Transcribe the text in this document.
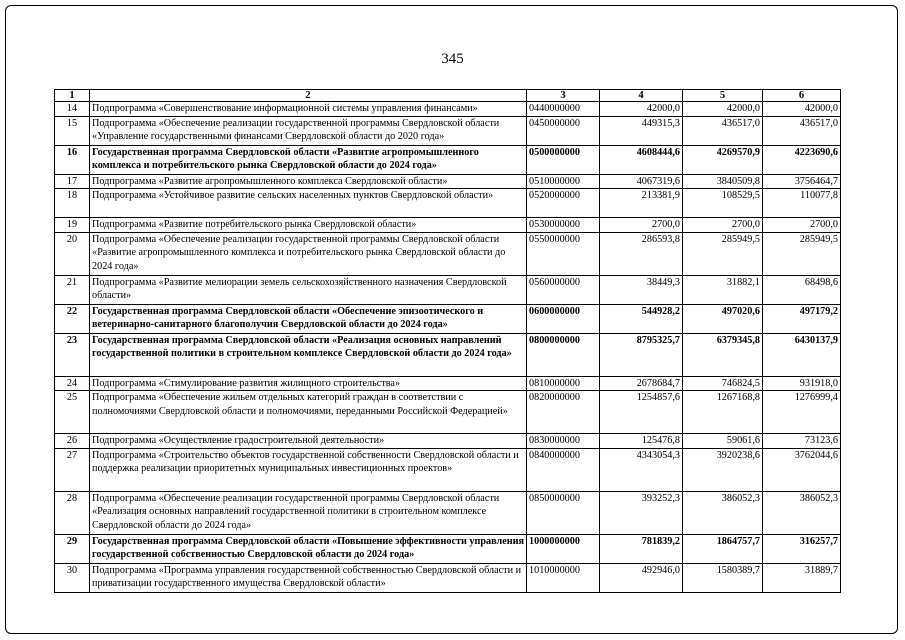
345
1	2	3	4	5	6
14	Подпрограмма «Совершенствование информационной системы управления финансами»	0440000000	42000,0	42000,0	42000,0
15	Подпрограмма «Обеспечение реализации государственной программы Свердловской области «Управление государственными финансами Свердловской области до 2020 года»	0450000000	449315,3	436517,0	436517,0
16	Государственная программа Свердловской области «Развитие агропромышленного комплекса и потребительского рынка Свердловской области до 2024 года»	0500000000	4608444,6	4269570,9	4223690,6
17	Подпрограмма «Развитие агропромышленного комплекса Свердловской области»	0510000000	4067319,6	3840509,8	3756464,7
18	Подпрограмма «Устойчивое развитие сельских населенных пунктов Свердловской области»	0520000000	213381,9	108529,5	110077,8
19	Подпрограмма «Развитие потребительского рынка Свердловской области»	0530000000	2700,0	2700,0	2700,0
20	Подпрограмма «Обеспечение реализации государственной программы Свердловской области «Развитие агропромышленного комплекса и потребительского рынка Свердловской области до 2024 года»	0550000000	286593,8	285949,5	285949,5
21	Подпрограмма «Развитие мелиорации земель сельскохозяйственного назначения Свердловской области»	0560000000	38449,3	31882,1	68498,6
22	Государственная программа Свердловской области «Обеспечение эпизоотического и ветеринарно-санитарного благополучия Свердловской области до 2024 года»	0600000000	544928,2	497020,6	497179,2
23	Государственная программа Свердловской области «Реализация основных направлений государственной политики в строительном комплексе Свердловской области до 2024 года»	0800000000	8795325,7	6379345,8	6430137,9
24	Подпрограмма «Стимулирование развития жилищного строительства»	0810000000	2678684,7	746824,5	931918,0
25	Подпрограмма «Обеспечение жильем отдельных категорий граждан в соответствии с полномочиями Свердловской области и полномочиями, переданными Российской Федерацией»	0820000000	1254857,6	1267168,8	1276999,4
26	Подпрограмма «Осуществление градостроительной деятельности»	0830000000	125476,8	59061,6	73123,6
27	Подпрограмма «Строительство объектов государственной собственности Свердловской области и поддержка реализации приоритетных муниципальных инвестиционных проектов»	0840000000	4343054,3	3920238,6	3762044,6
28	Подпрограмма «Обеспечение реализации государственной программы Свердловской области «Реализация основных направлений государственной политики в строительном комплексе Свердловской области до 2024 года»	0850000000	393252,3	386052,3	386052,3
29	Государственная программа Свердловской области «Повышение эффективности управления государственной собственностью Свердловской области до 2024 года»	1000000000	781839,2	1864757,7	316257,7
30	Подпрограмма «Программа управления государственной собственностью Свердловской области и приватизации государственного имущества Свердловской области»	1010000000	492946,0	1580389,7	31889,7
